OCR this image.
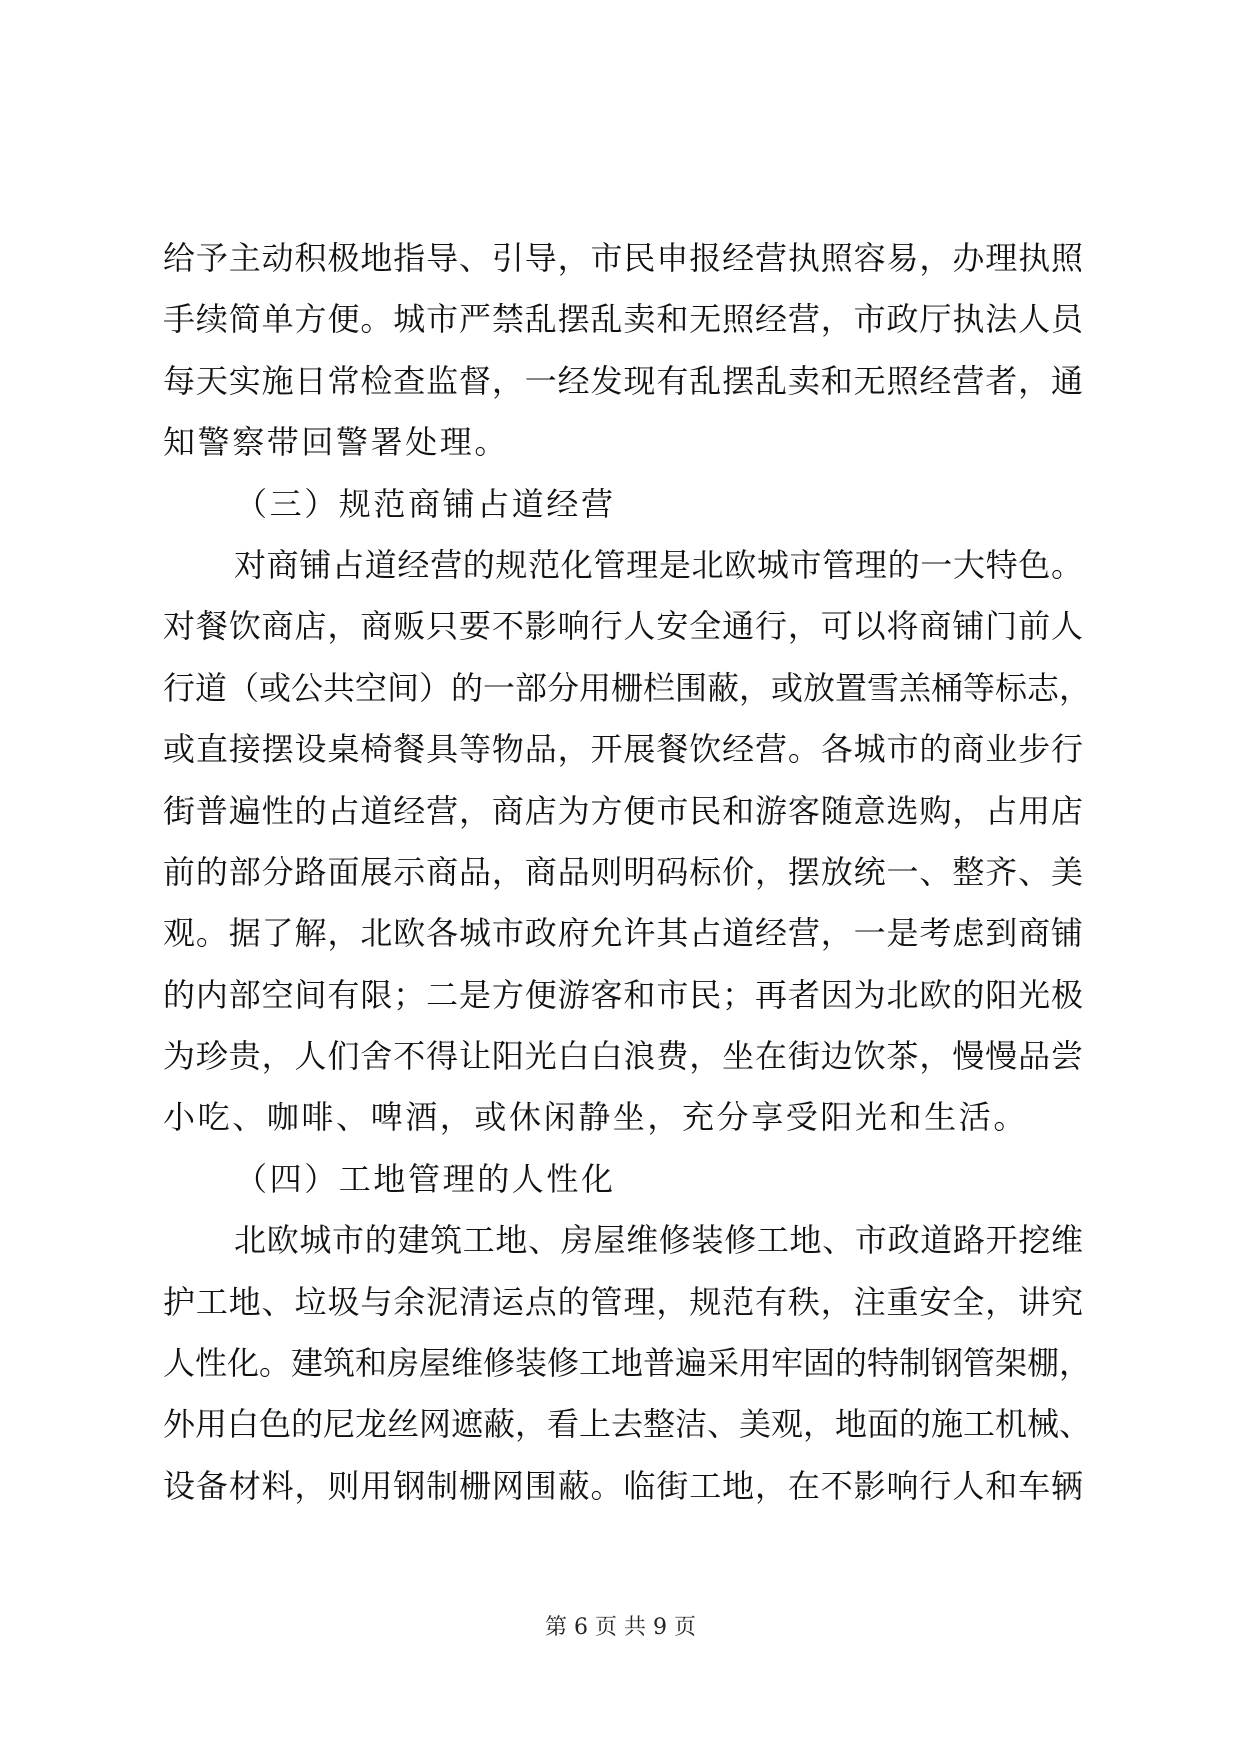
给予主动积极地指导、引导，市民申报经营执照容易，办理执照
手续简单方便。城市严禁乱摆乱卖和无照经营，市政厅执法人员
每天实施日常检查监督，一经发现有乱摆乱卖和无照经营者，通
知警察带回警署处理。
（三）规范商铺占道经营
对商铺占道经营的规范化管理是北欧城市管理的一大特色。
对餐饮商店，商贩只要不影响行人安全通行，可以将商铺门前人
行道（或公共空间）的一部分用栅栏围蔽，或放置雪羔桶等标志，
或直接摆设桌椅餐具等物品，开展餐饮经营。各城市的商业步行
街普遍性的占道经营，商店为方便市民和游客随意选购，占用店
前的部分路面展示商品，商品则明码标价，摆放统一、整齐、美
观。据了解，北欧各城市政府允许其占道经营，一是考虑到商铺
的内部空间有限；二是方便游客和市民；再者因为北欧的阳光极
为珍贵，人们舍不得让阳光白白浪费，坐在街边饮茶，慢慢品尝
小吃、咖啡、啤酒，或休闲静坐，充分享受阳光和生活。
（四）工地管理的人性化
北欧城市的建筑工地、房屋维修装修工地、市政道路开挖维
护工地、垃圾与余泥清运点的管理，规范有秩，注重安全，讲究
人性化。建筑和房屋维修装修工地普遍采用牢固的特制钢管架棚，
外用白色的尼龙丝网遮蔽，看上去整洁、美观，地面的施工机械、
设备材料，则用钢制栅网围蔽。临街工地，在不影响行人和车辆
第 6 页 共 9 页
